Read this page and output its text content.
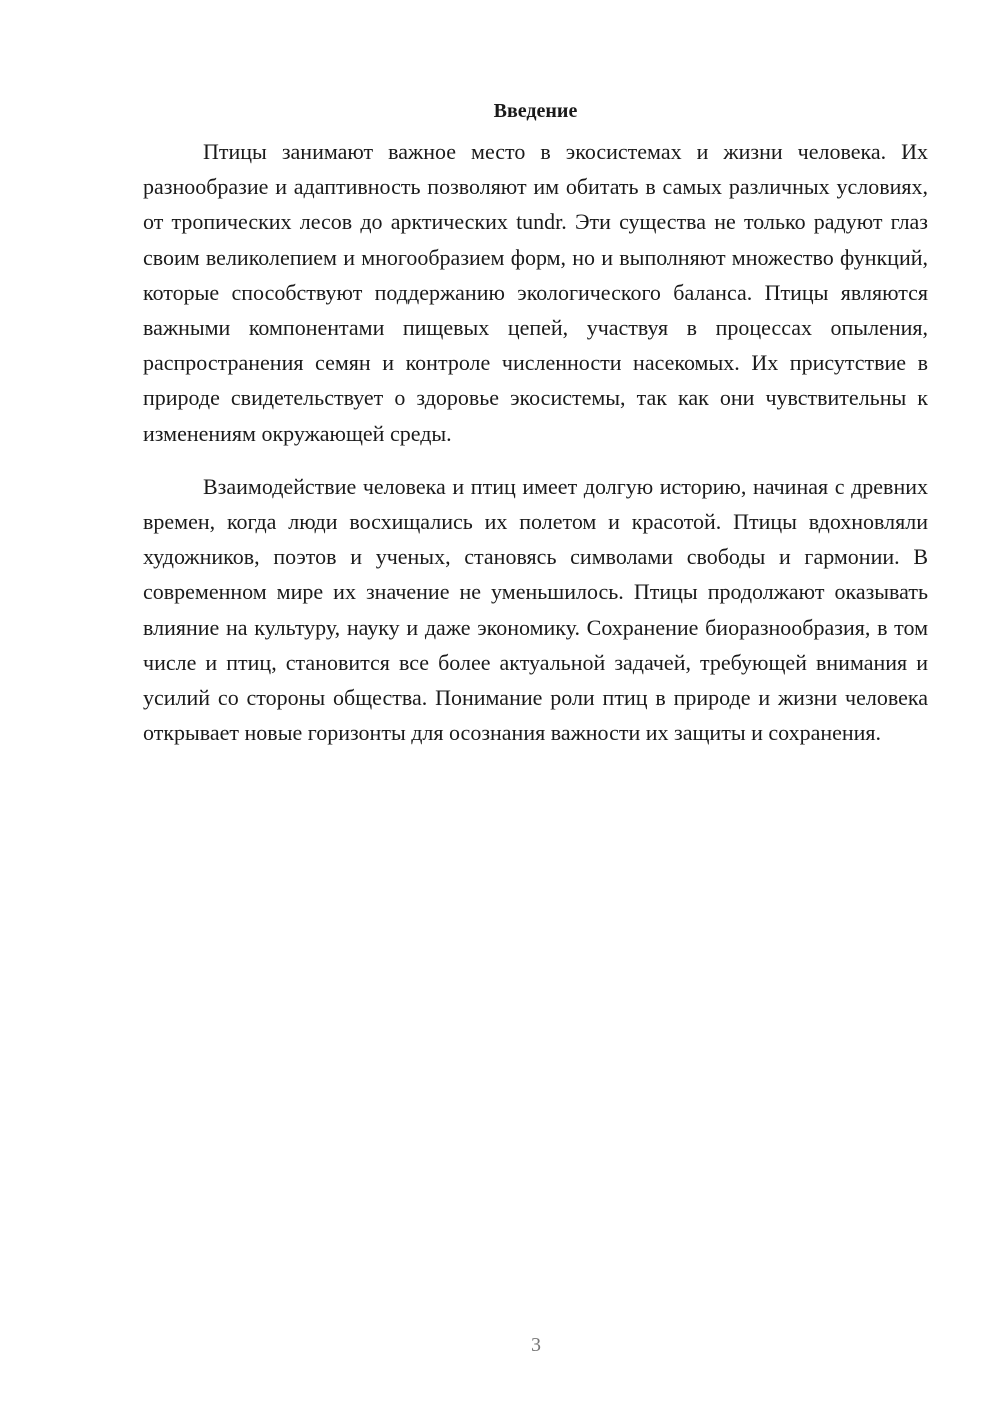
Введение

Птицы занимают важное место в экосистемах и жизни человека. Их разнообразие и адаптивность позволяют им обитать в самых различных условиях, от тропических лесов до арктических tundr. Эти существа не только радуют глаз своим великолепием и многообразием форм, но и выполняют множество функций, которые способствуют поддержанию экологического баланса. Птицы являются важными компонентами пищевых цепей, участвуя в процессах опыления, распространения семян и контроле численности насекомых. Их присутствие в природе свидетельствует о здоровье экосистемы, так как они чувствительны к изменениям окружающей среды.

Взаимодействие человека и птиц имеет долгую историю, начиная с древних времен, когда люди восхищались их полетом и красотой. Птицы вдохновляли художников, поэтов и ученых, становясь символами свободы и гармонии. В современном мире их значение не уменьшилось. Птицы продолжают оказывать влияние на культуру, науку и даже экономику. Сохранение биоразнообразия, в том числе и птиц, становится все более актуальной задачей, требующей внимания и усилий со стороны общества. Понимание роли птиц в природе и жизни человека открывает новые горизонты для осознания важности их защиты и сохранения.

3
